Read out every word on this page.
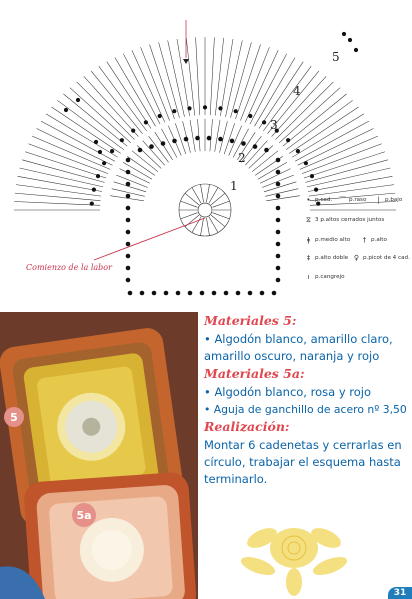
1
2
3
4
5
Comienzo de la labor
• p.cad. ⌒ p.raso	| p.bajo
⧖ 3 p.altos cerrados juntos
ǂ p.medio alto	† p.alto
‡ p.alto doble ♀ p.picot de 4 cad.
ı p.cangrejo
5
5a
Materiales 5:
• Algodón blanco, amarillo claro,
amarillo oscuro, naranja y rojo
Materiales 5a:
• Algodón blanco, rosa y rojo
• Aguja de ganchillo de acero nº 3,50
Realización:
Montar 6 cadenetas y cerrarlas en
círculo, trabajar el esquema hasta
terminarlo.
31
